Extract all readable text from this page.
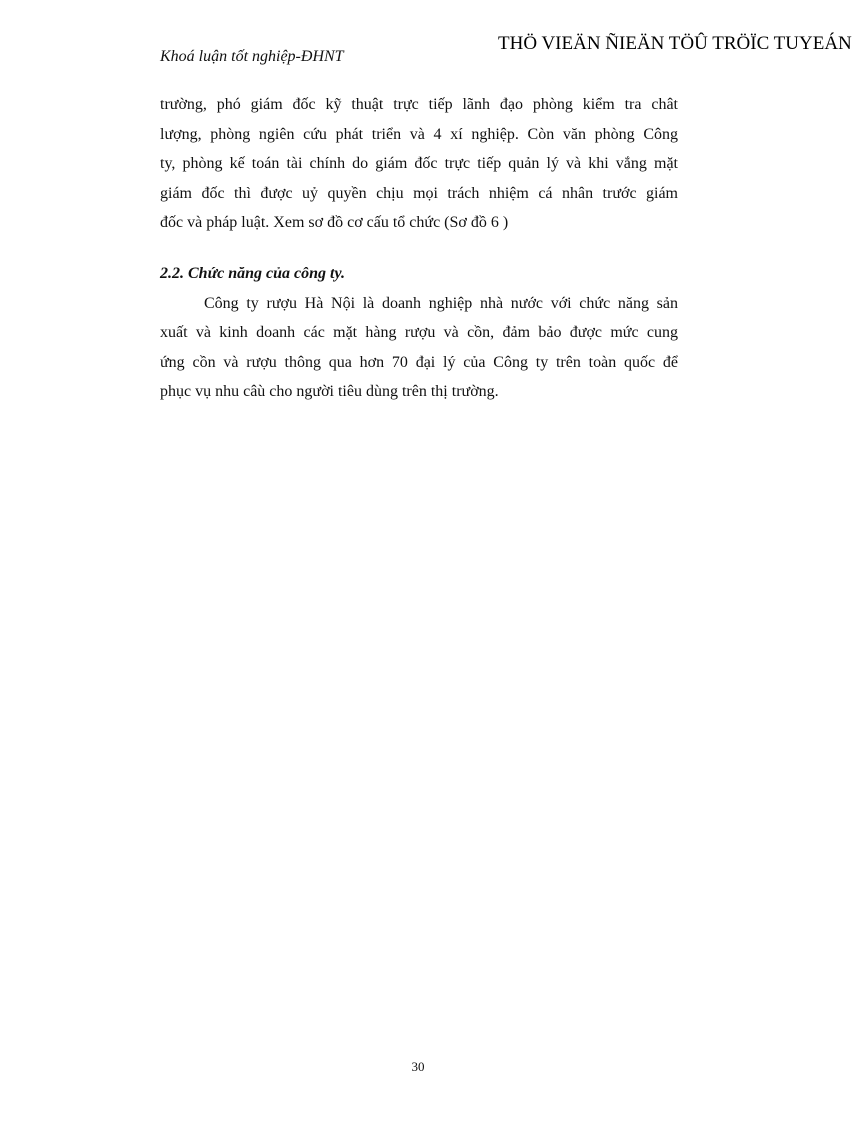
THÖ VIEÄN ÑIEÄN TÖÛ TRÖÏC TUYEÁN
Khoá luận tốt nghiệp-ĐHNT

trường, phó giám đốc kỹ thuật trực tiếp lãnh đạo phòng kiểm tra chât
lượng, phòng ngiên cứu phát triển và 4 xí nghiệp. Còn văn phòng Công
ty, phòng kế toán tài chính do giám đốc trực tiếp quản lý và khi vắng mặt
giám đốc thì được uỷ quyền chịu mọi trách nhiệm cá nhân trước giám
đốc và pháp luật. Xem sơ đồ cơ cấu tổ chức (Sơ đồ 6 )

2.2. Chức năng của công ty.

Công ty rượu Hà Nội là doanh nghiệp nhà nước với chức năng sản
xuất và kinh doanh các mặt hàng rượu và cồn, đảm bảo được mức cung
ứng cồn và rượu thông qua hơn 70 đại lý của Công ty trên toàn quốc để
phục vụ nhu câù cho người tiêu dùng trên thị trường.

30
